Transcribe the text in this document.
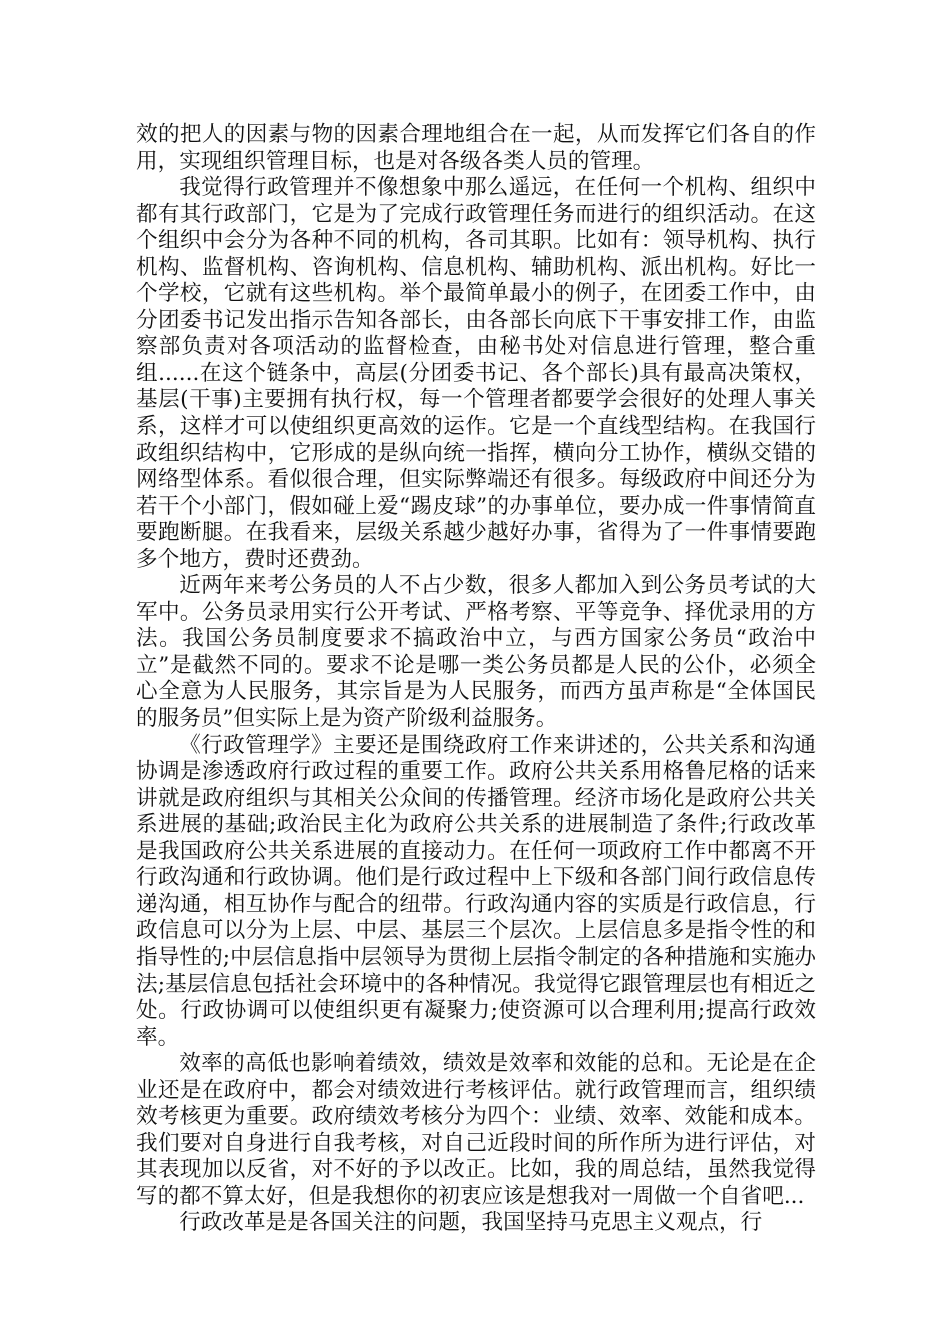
效的把人的因素与物的因素合理地组合在一起，从而发挥它们各自的作用，实现组织管理目标，也是对各级各类人员的管理。

我觉得行政管理并不像想象中那么遥远，在任何一个机构、组织中都有其行政部门，它是为了完成行政管理任务而进行的组织活动。在这个组织中会分为各种不同的机构，各司其职。比如有：领导机构、执行机构、监督机构、咨询机构、信息机构、辅助机构、派出机构。好比一个学校，它就有这些机构。举个最简单最小的例子，在团委工作中，由分团委书记发出指示告知各部长，由各部长向底下干事安排工作，由监察部负责对各项活动的监督检查，由秘书处对信息进行管理，整合重组......在这个链条中，高层(分团委书记、各个部长)具有最高决策权，基层(干事)主要拥有执行权，每一个管理者都要学会很好的处理人事关系，这样才可以使组织更高效的运作。它是一个直线型结构。在我国行政组织结构中，它形成的是纵向统一指挥，横向分工协作，横纵交错的网络型体系。看似很合理，但实际弊端还有很多。每级政府中间还分为若干个小部门，假如碰上爱“踢皮球”的办事单位，要办成一件事情简直要跑断腿。在我看来，层级关系越少越好办事，省得为了一件事情要跑多个地方，费时还费劲。

近两年来考公务员的人不占少数，很多人都加入到公务员考试的大军中。公务员录用实行公开考试、严格考察、平等竞争、择优录用的方法。我国公务员制度要求不搞政治中立，与西方国家公务员“政治中立”是截然不同的。要求不论是哪一类公务员都是人民的公仆，必须全心全意为人民服务，其宗旨是为人民服务，而西方虽声称是“全体国民的服务员”但实际上是为资产阶级利益服务。

《行政管理学》主要还是围绕政府工作来讲述的，公共关系和沟通协调是渗透政府行政过程的重要工作。政府公共关系用格鲁尼格的话来讲就是政府组织与其相关公众间的传播管理。经济市场化是政府公共关系进展的基础;政治民主化为政府公共关系的进展制造了条件;行政改革是我国政府公共关系进展的直接动力。在任何一项政府工作中都离不开行政沟通和行政协调。他们是行政过程中上下级和各部门间行政信息传递沟通，相互协作与配合的纽带。行政沟通内容的实质是行政信息，行政信息可以分为上层、中层、基层三个层次。上层信息多是指令性的和指导性的;中层信息指中层领导为贯彻上层指令制定的各种措施和实施办法;基层信息包括社会环境中的各种情况。我觉得它跟管理层也有相近之处。行政协调可以使组织更有凝聚力;使资源可以合理利用;提高行政效率。

效率的高低也影响着绩效，绩效是效率和效能的总和。无论是在企业还是在政府中，都会对绩效进行考核评估。就行政管理而言，组织绩效考核更为重要。政府绩效考核分为四个：业绩、效率、效能和成本。我们要对自身进行自我考核，对自己近段时间的所作所为进行评估，对其表现加以反省，对不好的予以改正。比如，我的周总结，虽然我觉得写的都不算太好，但是我想你的初衷应该是想我对一周做一个自省吧...

行政改革是是各国关注的问题，我国坚持马克思主义观点，行
